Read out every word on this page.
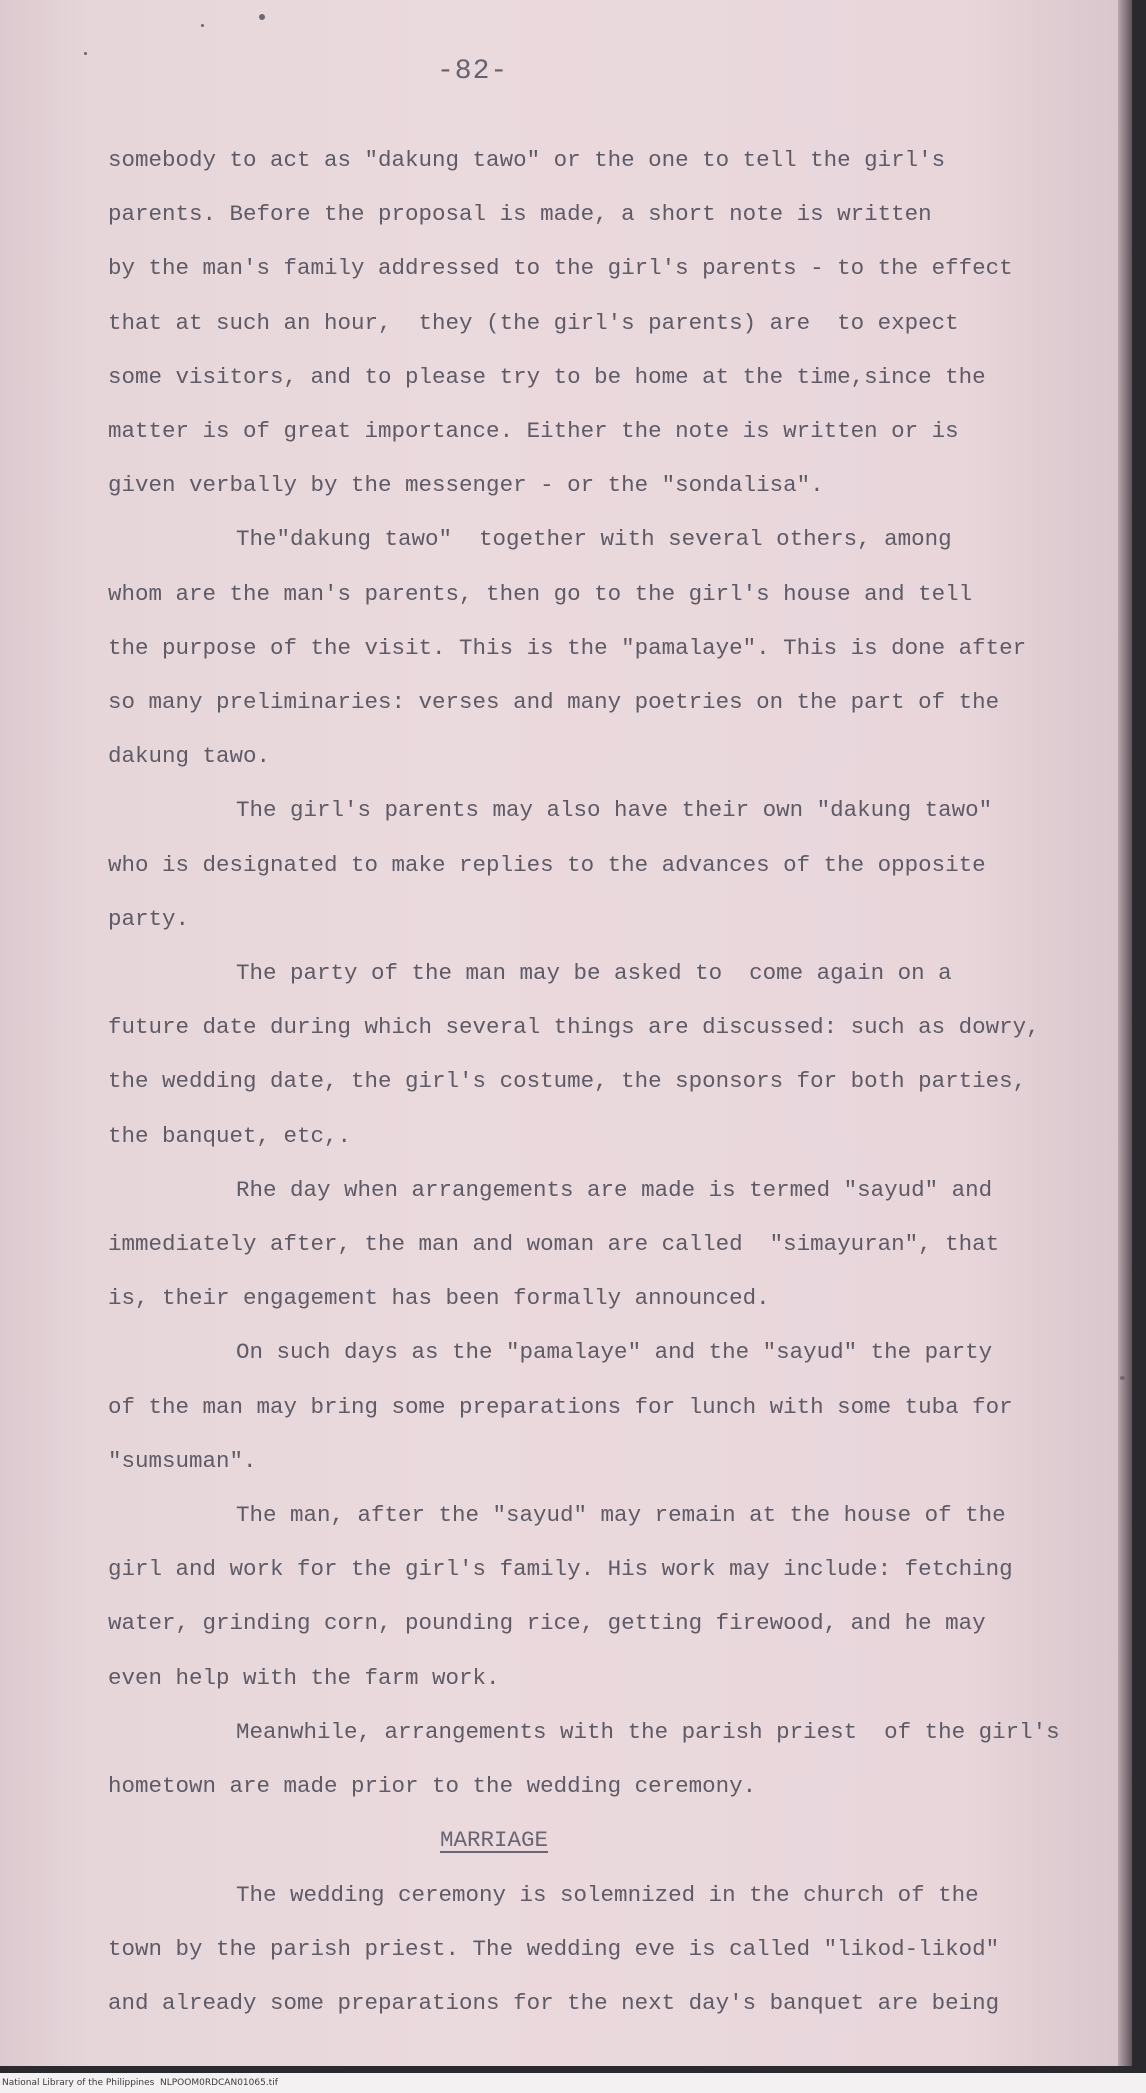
-82-

somebody to act as "dakung tawo" or the one to tell the girl's
parents. Before the proposal is made, a short note is written
by the man's family addressed to the girl's parents - to the effect
that at such an hour,  they (the girl's parents) are  to expect
some visitors, and to please try to be home at the time,since the
matter is of great importance. Either the note is written or is
given verbally by the messenger - or the "sondalisa".

The"dakung tawo"  together with several others, among
whom are the man's parents, then go to the girl's house and tell
the purpose of the visit. This is the "pamalaye". This is done after
so many preliminaries: verses and many poetries on the part of the
dakung tawo.

The girl's parents may also have their own "dakung tawo"
who is designated to make replies to the advances of the opposite
party.

The party of the man may be asked to  come again on a
future date during which several things are discussed: such as dowry,
the wedding date, the girl's costume, the sponsors for both parties,
the banquet, etc,.

Rhe day when arrangements are made is termed "sayud" and
immediately after, the man and woman are called  "simayuran", that
is, their engagement has been formally announced.

On such days as the "pamalaye" and the "sayud" the party
of the man may bring some preparations for lunch with some tuba for
"sumsuman".

The man, after the "sayud" may remain at the house of the
girl and work for the girl's family. His work may include: fetching
water, grinding corn, pounding rice, getting firewood, and he may
even help with the farm work.

Meanwhile, arrangements with the parish priest  of the girl's
hometown are made prior to the wedding ceremony.

MARRIAGE

The wedding ceremony is solemnized in the church of the
town by the parish priest. The wedding eve is called "likod-likod"
and already some preparations for the next day's banquet are being

National Library of the Philippines NLPOOM0RDCAN01065.tif
